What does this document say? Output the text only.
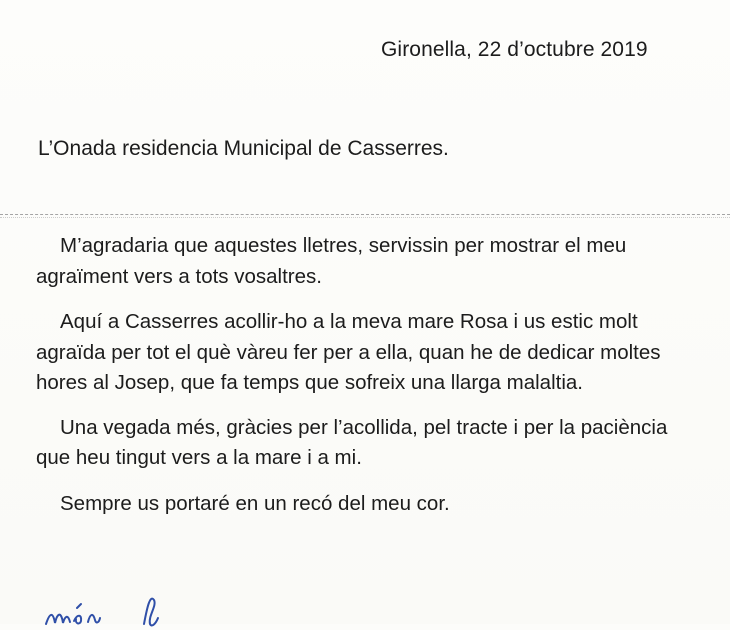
Gironella, 22 d’octubre 2019
L’Onada residencia Municipal de Casserres.

M’agradaria que aquestes lletres, servissin per mostrar el meu agraïment vers a tots vosaltres.

Aquí a Casserres acollir-ho a la meva mare Rosa i us estic molt agraïda per tot el què vàreu fer per a ella, quan he de dedicar moltes hores al Josep, que fa temps que sofreix una llarga malaltia.

Una vegada més, gràcies per l’acollida, pel tracte i per la paciència que heu tingut vers a la mare i a mi.

Sempre us portaré en un recó del meu cor.
